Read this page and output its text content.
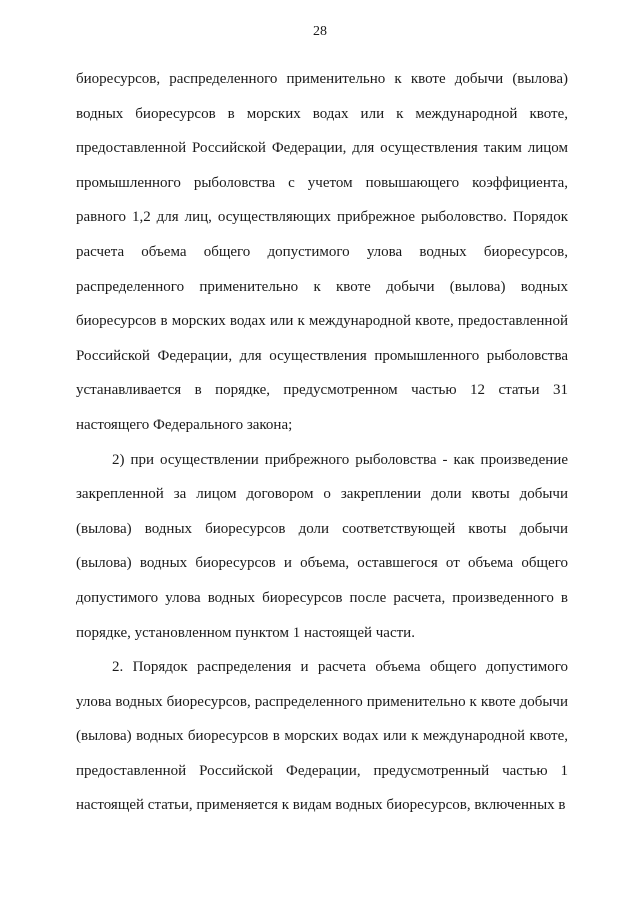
28

биоресурсов, распределенного применительно к квоте добычи (вылова) водных биоресурсов в морских водах или к международной квоте, предоставленной Российской Федерации, для осуществления таким лицом промышленного рыболовства с учетом повышающего коэффициента, равного 1,2 для лиц, осуществляющих прибрежное рыболовство. Порядок расчета объема общего допустимого улова водных биоресурсов, распределенного применительно к квоте добычи (вылова) водных биоресурсов в морских водах или к международной квоте, предоставленной Российской Федерации, для осуществления промышленного рыболовства устанавливается в порядке, предусмотренном частью 12 статьи 31 настоящего Федерального закона;

2) при осуществлении прибрежного рыболовства - как произведение закрепленной за лицом договором о закреплении доли квоты добычи (вылова) водных биоресурсов доли соответствующей квоты добычи (вылова) водных биоресурсов и объема, оставшегося от объема общего допустимого улова водных биоресурсов после расчета, произведенного в порядке, установленном пунктом 1 настоящей части.

2. Порядок распределения и расчета объема общего допустимого улова водных биоресурсов, распределенного применительно к квоте добычи (вылова) водных биоресурсов в морских водах или к международной квоте, предоставленной Российской Федерации, предусмотренный частью 1 настоящей статьи, применяется к видам водных биоресурсов, включенных в
